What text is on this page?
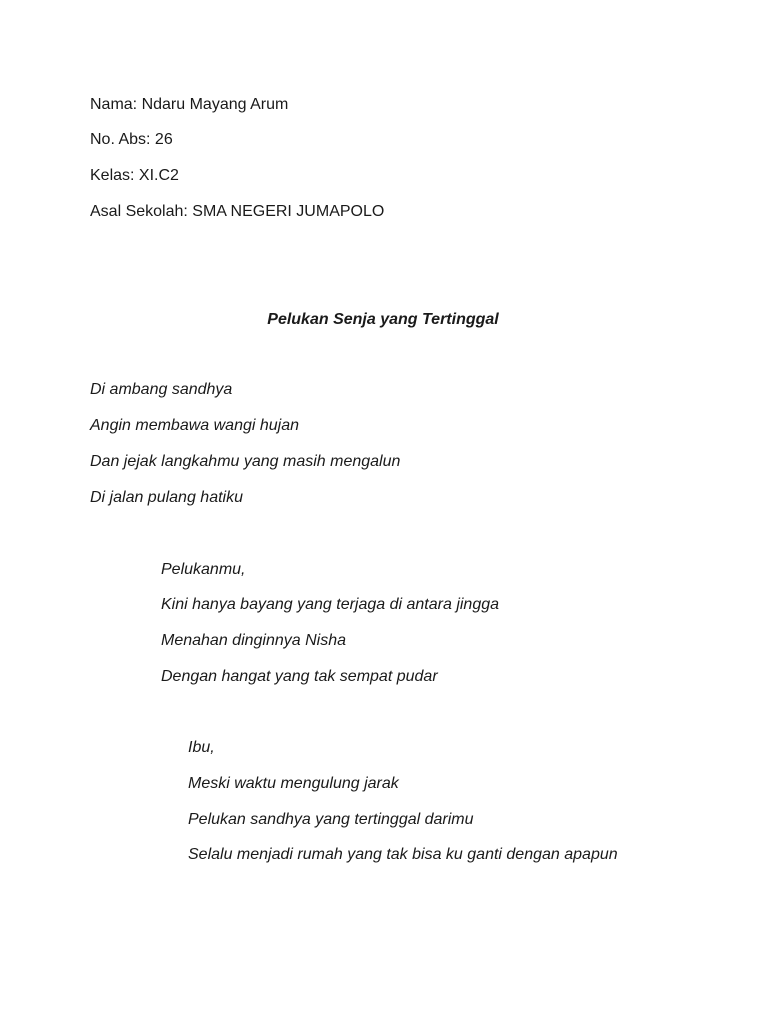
Nama: Ndaru Mayang Arum
No. Abs: 26
Kelas: XI.C2
Asal Sekolah: SMA NEGERI JUMAPOLO
Pelukan Senja yang Tertinggal
Di ambang sandhya
Angin membawa wangi hujan
Dan jejak langkahmu yang masih mengalun
Di jalan pulang hatiku
Pelukanmu,
Kini hanya bayang yang terjaga di antara jingga
Menahan dinginnya Nisha
Dengan hangat yang tak sempat pudar
Ibu,
Meski waktu mengulung jarak
Pelukan sandhya yang tertinggal darimu
Selalu menjadi rumah yang tak bisa ku ganti dengan apapun
